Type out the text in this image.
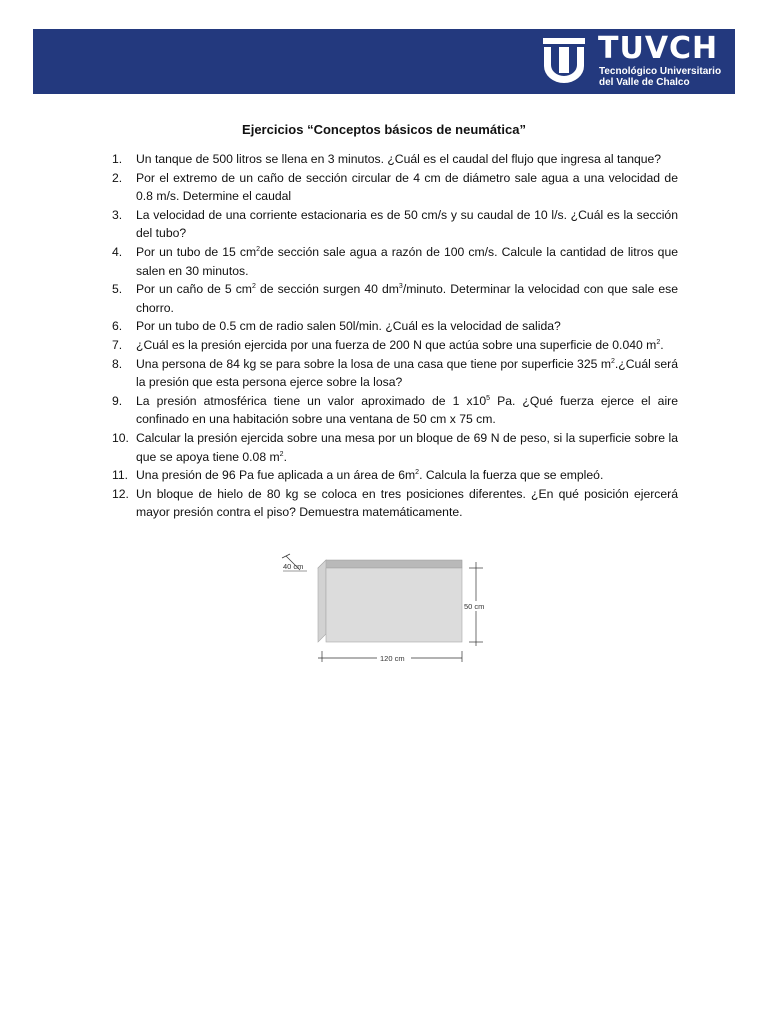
TUVCH
Tecnológico Universitario
del Valle de Chalco
Ejercicios “Conceptos básicos de neumática”
1. Un tanque de 500 litros se llena en 3 minutos. ¿Cuál es el caudal del flujo que ingresa al tanque?
2. Por el extremo de un caño de sección circular de 4 cm de diámetro sale agua a una velocidad de 0.8 m/s. Determine el caudal
3. La velocidad de una corriente estacionaria es de 50 cm/s y su caudal de 10 l/s. ¿Cuál es la sección del tubo?
4. Por un tubo de 15 $cm^2de$ sección sale agua a razón de 100 cm/s. Calcule la cantidad de litros que salen en 30 minutos.
5. Por un caño de 5 $cm^2$ de sección surgen 40 $dm^3$/minuto. Determinar la velocidad con que sale ese chorro.
6. Por un tubo de 0.5 cm de radio salen 50l/min. ¿Cuál es la velocidad de salida?
7. ¿Cuál es la presión ejercida por una fuerza de 200 N que actúa sobre una superficie de 0.040 $m^2$.
8. Una persona de 84 kg se para sobre la losa de una casa que tiene por superficie 325 $m^2.¿Cuál$ será la presión que esta persona ejerce sobre la losa?
9. La presión atmosférica tiene un valor aproximado de 1 $x10^5$ Pa. ¿Qué fuerza ejerce el aire confinado en una habitación sobre una ventana de 50 cm x 75 cm.
10. Calcular la presión ejercida sobre una mesa por un bloque de 69 N de peso, si la superficie sobre la que se apoya tiene 0.08 $m^2$.
11. Una presión de 96 Pa fue aplicada a un área de $6m^2$. Calcula la fuerza que se empleó.
12. Un bloque de hielo de 80 kg se coloca en tres posiciones diferentes. ¿En qué posición ejercerá mayor presión contra el piso? Demuestra matemáticamente.
40 cm
50 cm
120 cm
